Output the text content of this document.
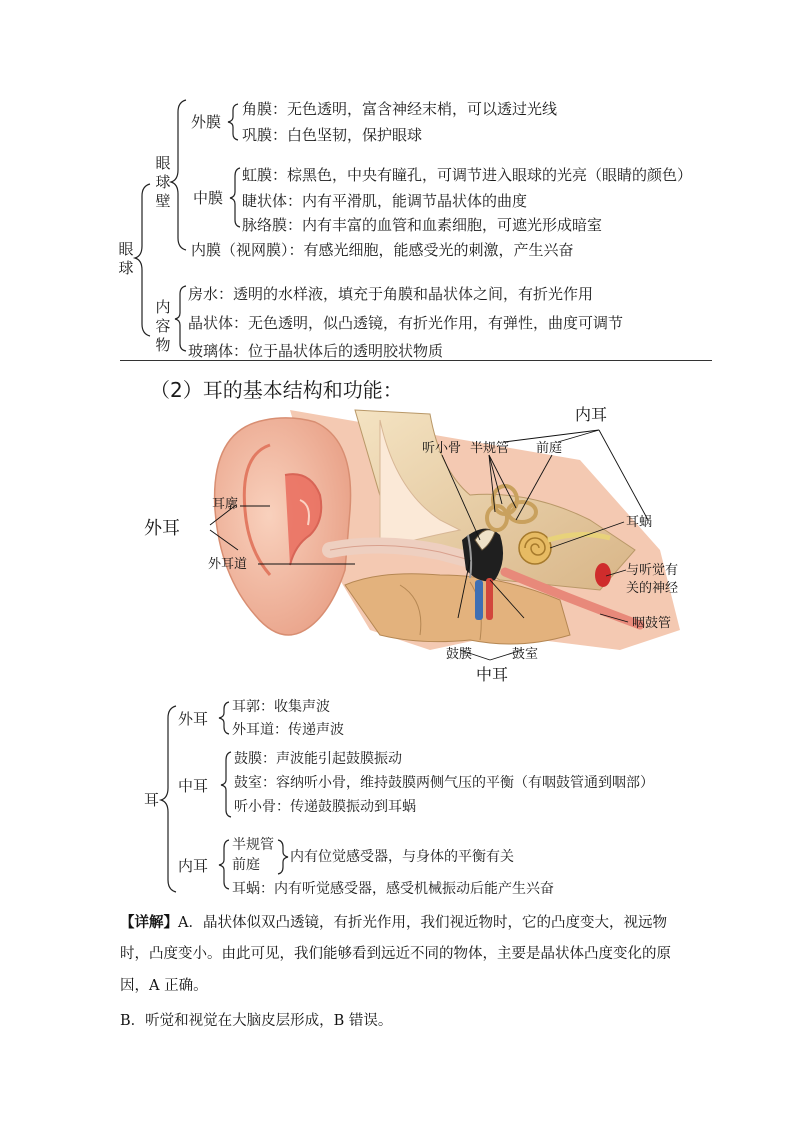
眼球
眼球壁
外膜
角膜：无色透明，富含神经末梢，可以透过光线
巩膜：白色坚韧，保护眼球
中膜
虹膜：棕黑色，中央有瞳孔，可调节进入眼球的光亮（眼睛的颜色）
睫状体：内有平滑肌，能调节晶状体的曲度
脉络膜：内有丰富的血管和血素细胞，可遮光形成暗室
内膜（视网膜）：有感光细胞，能感受光的刺激，产生兴奋
内容物
房水：透明的水样液，填充于角膜和晶状体之间，有折光作用
晶状体：无色透明，似凸透镜，有折光作用，有弹性，曲度可调节
玻璃体：位于晶状体后的透明胶状物质
（2）耳的基本结构和功能：
外耳
耳廓
外耳道
听小骨 半规管 前庭
内耳
耳蜗
与听觉有
关的神经
咽鼓管
鼓膜	鼓室
中耳
耳
外耳
耳郭：收集声波
外耳道：传递声波
中耳
鼓膜：声波能引起鼓膜振动
鼓室：容纳听小骨，维持鼓膜两侧气压的平衡（有咽鼓管通到咽部）
听小骨：传递鼓膜振动到耳蜗
内耳
半规管
前庭 内有位觉感受器，与身体的平衡有关
耳蜗：内有听觉感受器，感受机械振动后能产生兴奋
【详解】A．晶状体似双凸透镜，有折光作用，我们视近物时，它的凸度变大，视远物
时，凸度变小。由此可见，我们能够看到远近不同的物体，主要是晶状体凸度变化的原
因，A 正确。
B．听觉和视觉在大脑皮层形成，B 错误。
